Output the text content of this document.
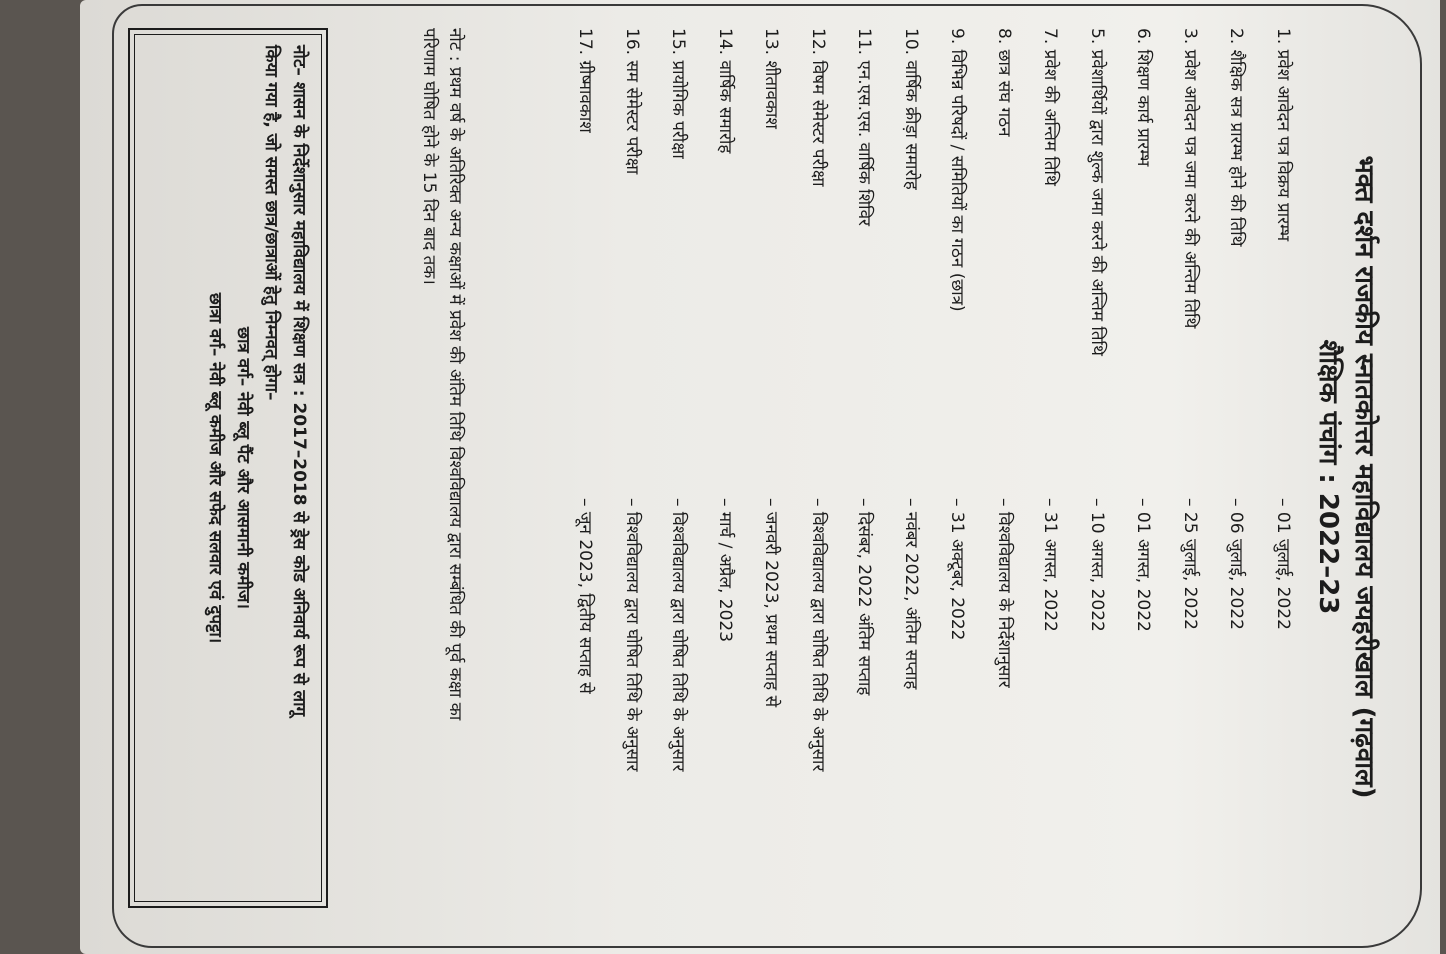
भक्त दर्शन राजकीय स्नातकोत्तर महाविद्यालय जयहरीखाल (गढ़वाल)
शैक्षिक पंचांग : 2022–23
1. प्रवेश आवेदन पत्र विक्रय प्रारम्भ
– 01 जुलाई, 2022
2. शैक्षिक सत्र प्रारम्भ होने की तिथि
– 06 जुलाई, 2022
3. प्रवेश आवेदन पत्र जमा करने की अन्तिम तिथि
– 25 जुलाई, 2022
6. शिक्षण कार्य प्रारम्भ
– 01 अगस्त, 2022
5. प्रवेशार्थियों द्वारा शुल्क जमा करने की अन्तिम तिथि
– 10 अगस्त, 2022
7. प्रवेश की अन्तिम तिथि
– 31 अगस्त, 2022
8. छात्र संघ गठन
– विश्वविद्यालय के निर्देशानुसार
9. विभिन्न परिषदों / समितियों का गठन (छात्र)
– 31 अक्टूबर, 2022
10. वार्षिक क्रीड़ा समारोह
– नवंबर 2022, अंतिम सप्ताह
11. एन.एस.एस. वार्षिक शिविर
– दिसंबर, 2022 अंतिम सप्ताह
12. विषम सेमेस्टर परीक्षा
– विश्वविद्यालय द्वारा घोषित तिथि के अनुसार
13. शीतावकाश
– जनवरी 2023, प्रथम सप्ताह से
14. वार्षिक समारोह
– मार्च / अप्रैल, 2023
15. प्रायोगिक परीक्षा
– विश्वविद्यालय द्वारा घोषित तिथि के अनुसार
16. सम सेमेस्टर परीक्षा
– विश्वविद्यालय द्वारा घोषित तिथि के अनुसार
17. ग्रीष्मावकाश
– जून 2023, द्वितीय सप्ताह से
नोट : प्रथम वर्ष के अतिरिक्त अन्य कक्षाओं में प्रवेश की अंतिम तिथि विश्वविद्यालय द्वारा सम्बंधित की पूर्व कक्षा का
परिणाम घोषित होने के 15 दिन बाद तक।
नोट– शासन के निर्देशानुसार महाविद्यालय में शिक्षण सत्र : 2017–2018 से ड्रेस कोड अनिवार्य रूप से लागू
किया गया है, जो समस्त छात्र/छात्राओं हेतु निम्नवत् होगा–
छात्र वर्ग– नेवी ब्लू पैंट और आसमानी कमीज।
छात्रा वर्ग– नेवी ब्लू कमीज और सफेद सलवार एवं दुपट्टा।
